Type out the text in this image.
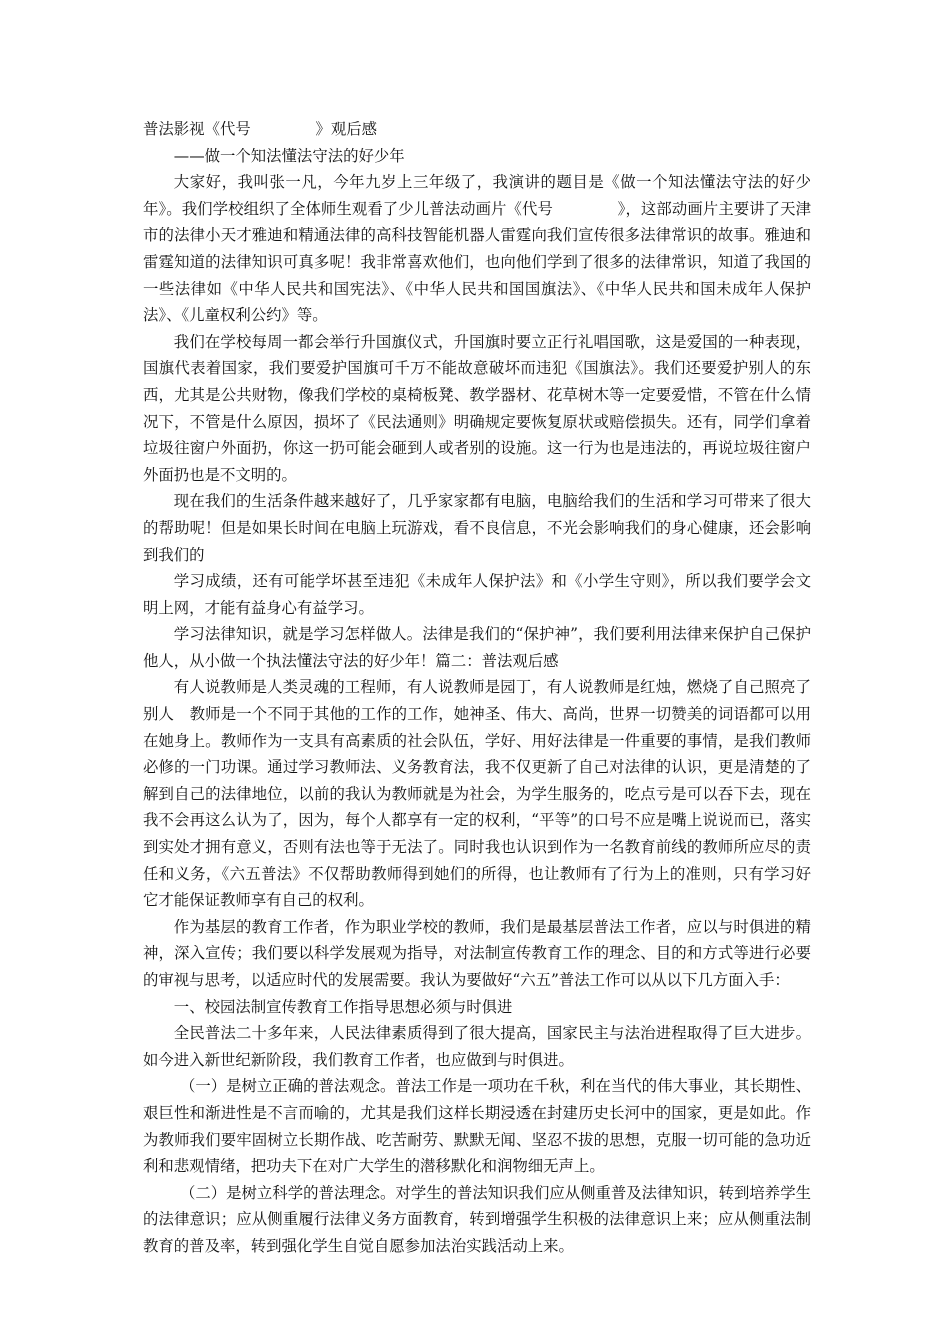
普法影视《代号	》观后感

——做一个知法懂法守法的好少年

大家好，我叫张一凡，今年九岁上三年级了，我演讲的题目是《做一个知法懂法守法的好少年》。我们学校组织了全体师生观看了少儿普法动画片《代号	》，这部动画片主要讲了天津市的法律小天才雅迪和精通法律的高科技智能机器人雷霆向我们宣传很多法律常识的故事。雅迪和雷霆知道的法律知识可真多呢！我非常喜欢他们，也向他们学到了很多的法律常识，知道了我国的一些法律如《中华人民共和国宪法》、《中华人民共和国国旗法》、《中华人民共和国未成年人保护法》、《儿童权利公约》等。

我们在学校每周一都会举行升国旗仪式，升国旗时要立正行礼唱国歌，这是爱国的一种表现，国旗代表着国家，我们要爱护国旗可千万不能故意破坏而违犯《国旗法》。我们还要爱护别人的东西，尤其是公共财物，像我们学校的桌椅板凳、教学器材、花草树木等一定要爱惜，不管在什么情况下，不管是什么原因，损坏了《民法通则》明确规定要恢复原状或赔偿损失。还有，同学们拿着垃圾往窗户外面扔，你这一扔可能会砸到人或者别的设施。这一行为也是违法的，再说垃圾往窗户外面扔也是不文明的。

现在我们的生活条件越来越好了，几乎家家都有电脑，电脑给我们的生活和学习可带来了很大的帮助呢！但是如果长时间在电脑上玩游戏，看不良信息，不光会影响我们的身心健康，还会影响到我们的

学习成绩，还有可能学坏甚至违犯《未成年人保护法》和《小学生守则》，所以我们要学会文明上网，才能有益身心有益学习。

学习法律知识，就是学习怎样做人。法律是我们的“保护神”，我们要利用法律来保护自己保护他人，从小做一个执法懂法守法的好少年！篇二：普法观后感

有人说教师是人类灵魂的工程师，有人说教师是园丁，有人说教师是红烛，燃烧了自己照亮了别人　教师是一个不同于其他的工作的工作，她神圣、伟大、高尚，世界一切赞美的词语都可以用在她身上。教师作为一支具有高素质的社会队伍，学好、用好法律是一件重要的事情，是我们教师必修的一门功课。通过学习教师法、义务教育法，我不仅更新了自己对法律的认识，更是清楚的了解到自己的法律地位，以前的我认为教师就是为社会，为学生服务的，吃点亏是可以吞下去，现在我不会再这么认为了，因为，每个人都享有一定的权利，“平等”的口号不应是嘴上说说而已，落实到实处才拥有意义，否则有法也等于无法了。同时我也认识到作为一名教育前线的教师所应尽的责任和义务，《六五普法》不仅帮助教师得到她们的所得，也让教师有了行为上的准则，只有学习好它才能保证教师享有自己的权利。

作为基层的教育工作者，作为职业学校的教师，我们是最基层普法工作者，应以与时俱进的精神，深入宣传；我们要以科学发展观为指导，对法制宣传教育工作的理念、目的和方式等进行必要的审视与思考，以适应时代的发展需要。我认为要做好“六五”普法工作可以从以下几方面入手：

一、校园法制宣传教育工作指导思想必须与时俱进

全民普法二十多年来，人民法律素质得到了很大提高，国家民主与法治进程取得了巨大进步。如今进入新世纪新阶段，我们教育工作者，也应做到与时俱进。

（一）是树立正确的普法观念。普法工作是一项功在千秋，利在当代的伟大事业，其长期性、艰巨性和渐进性是不言而喻的，尤其是我们这样长期浸透在封建历史长河中的国家，更是如此。作为教师我们要牢固树立长期作战、吃苦耐劳、默默无闻、坚忍不拔的思想，克服一切可能的急功近利和悲观情绪，把功夫下在对广大学生的潜移默化和润物细无声上。

（二）是树立科学的普法理念。对学生的普法知识我们应从侧重普及法律知识，转到培养学生的法律意识；应从侧重履行法律义务方面教育，转到增强学生积极的法律意识上来；应从侧重法制教育的普及率，转到强化学生自觉自愿参加法治实践活动上来。
